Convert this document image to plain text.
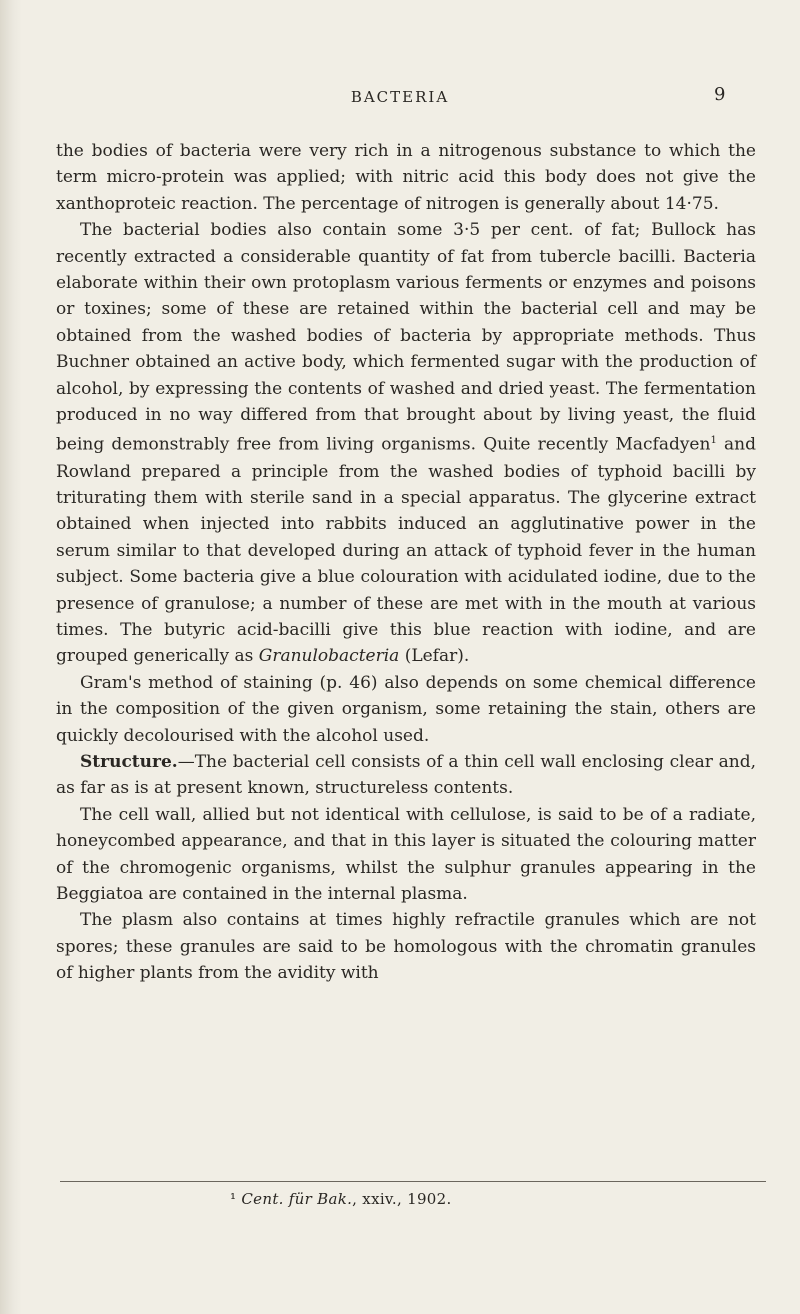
BACTERIA	9

the bodies of bacteria were very rich in a nitrogenous substance to which the term micro-protein was applied; with nitric acid this body does not give the xanthoproteic reaction. The percentage of nitrogen is generally about 14·75.

The bacterial bodies also contain some 3·5 per cent. of fat; Bullock has recently extracted a considerable quantity of fat from tubercle bacilli. Bacteria elaborate within their own protoplasm various ferments or enzymes and poisons or toxines; some of these are retained within the bacterial cell and may be obtained from the washed bodies of bacteria by appropriate methods. Thus Buchner obtained an active body, which fermented sugar with the production of alcohol, by expressing the contents of washed and dried yeast. The fermentation produced in no way differed from that brought about by living yeast, the fluid being demonstrably free from living organisms. Quite recently Macfadyen$^1$ and Rowland prepared a principle from the washed bodies of typhoid bacilli by triturating them with sterile sand in a special apparatus. The glycerine extract obtained when injected into rabbits induced an agglutinative power in the serum similar to that developed during an attack of typhoid fever in the human subject. Some bacteria give a blue colouration with acidulated iodine, due to the presence of granulose; a number of these are met with in the mouth at various times. The butyric acid-bacilli give this blue reaction with iodine, and are grouped generically as Granulobacteria (Lefar).

Gram's method of staining (p. 46) also depends on some chemical difference in the composition of the given organism, some retaining the stain, others are quickly decolourised with the alcohol used.

Structure.—The bacterial cell consists of a thin cell wall enclosing clear and, as far as is at present known, structureless contents.

The cell wall, allied but not identical with cellulose, is said to be of a radiate, honeycombed appearance, and that in this layer is situated the colouring matter of the chromogenic organisms, whilst the sulphur granules appearing in the Beggiatoa are contained in the internal plasma.

The plasm also contains at times highly refractile granules which are not spores; these granules are said to be homologous with the chromatin granules of higher plants from the avidity with

¹ Cent. für Bak., xxiv., 1902.
